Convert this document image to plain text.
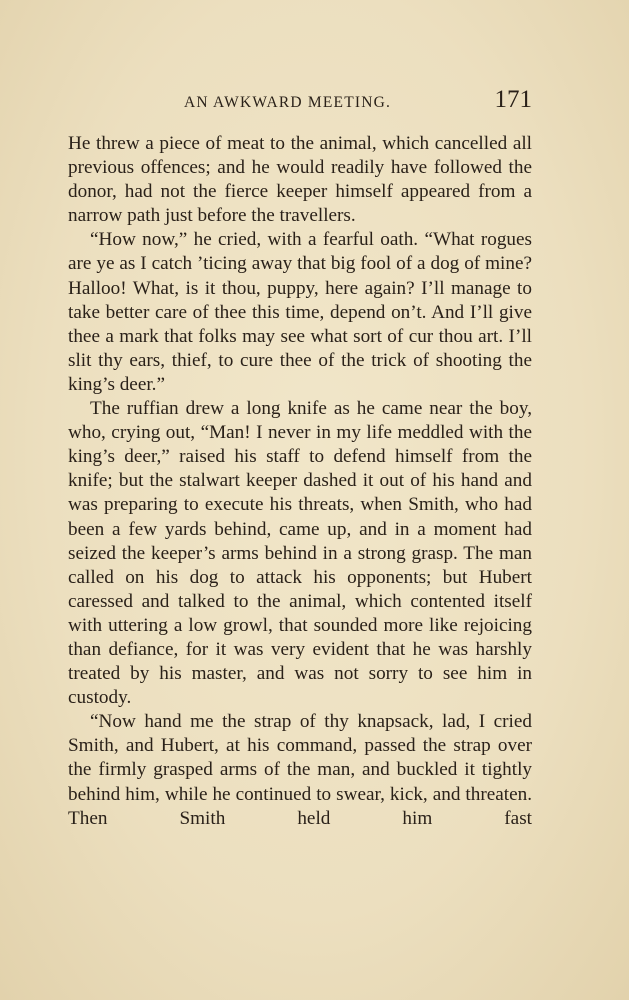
AN AWKWARD MEETING.	171

He threw a piece of meat to the animal, which cancelled all previous offences; and he would readily have followed the donor, had not the fierce keeper himself appeared from a narrow path just before the travellers.

“How now,” he cried, with a fearful oath. “What rogues are ye as I catch ’ticing away that big fool of a dog of mine? Halloo! What, is it thou, puppy, here again? I’ll manage to take better care of thee this time, depend on’t. And I’ll give thee a mark that folks may see what sort of cur thou art. I’ll slit thy ears, thief, to cure thee of the trick of shooting the king’s deer.”

The ruffian drew a long knife as he came near the boy, who, crying out, “Man! I never in my life meddled with the king’s deer,” raised his staff to defend himself from the knife; but the stalwart keeper dashed it out of his hand and was preparing to execute his threats, when Smith, who had been a few yards behind, came up, and in a moment had seized the keeper’s arms behind in a strong grasp. The man called on his dog to attack his opponents; but Hubert caressed and talked to the animal, which contented itself with uttering a low growl, that sounded more like rejoicing than defiance, for it was very evident that he was harshly treated by his master, and was not sorry to see him in custody.

“Now hand me the strap of thy knapsack, lad, I cried Smith, and Hubert, at his command, passed the strap over the firmly grasped arms of the man, and buckled it tightly behind him, while he continued to swear, kick, and threaten. Then Smith held him fast
